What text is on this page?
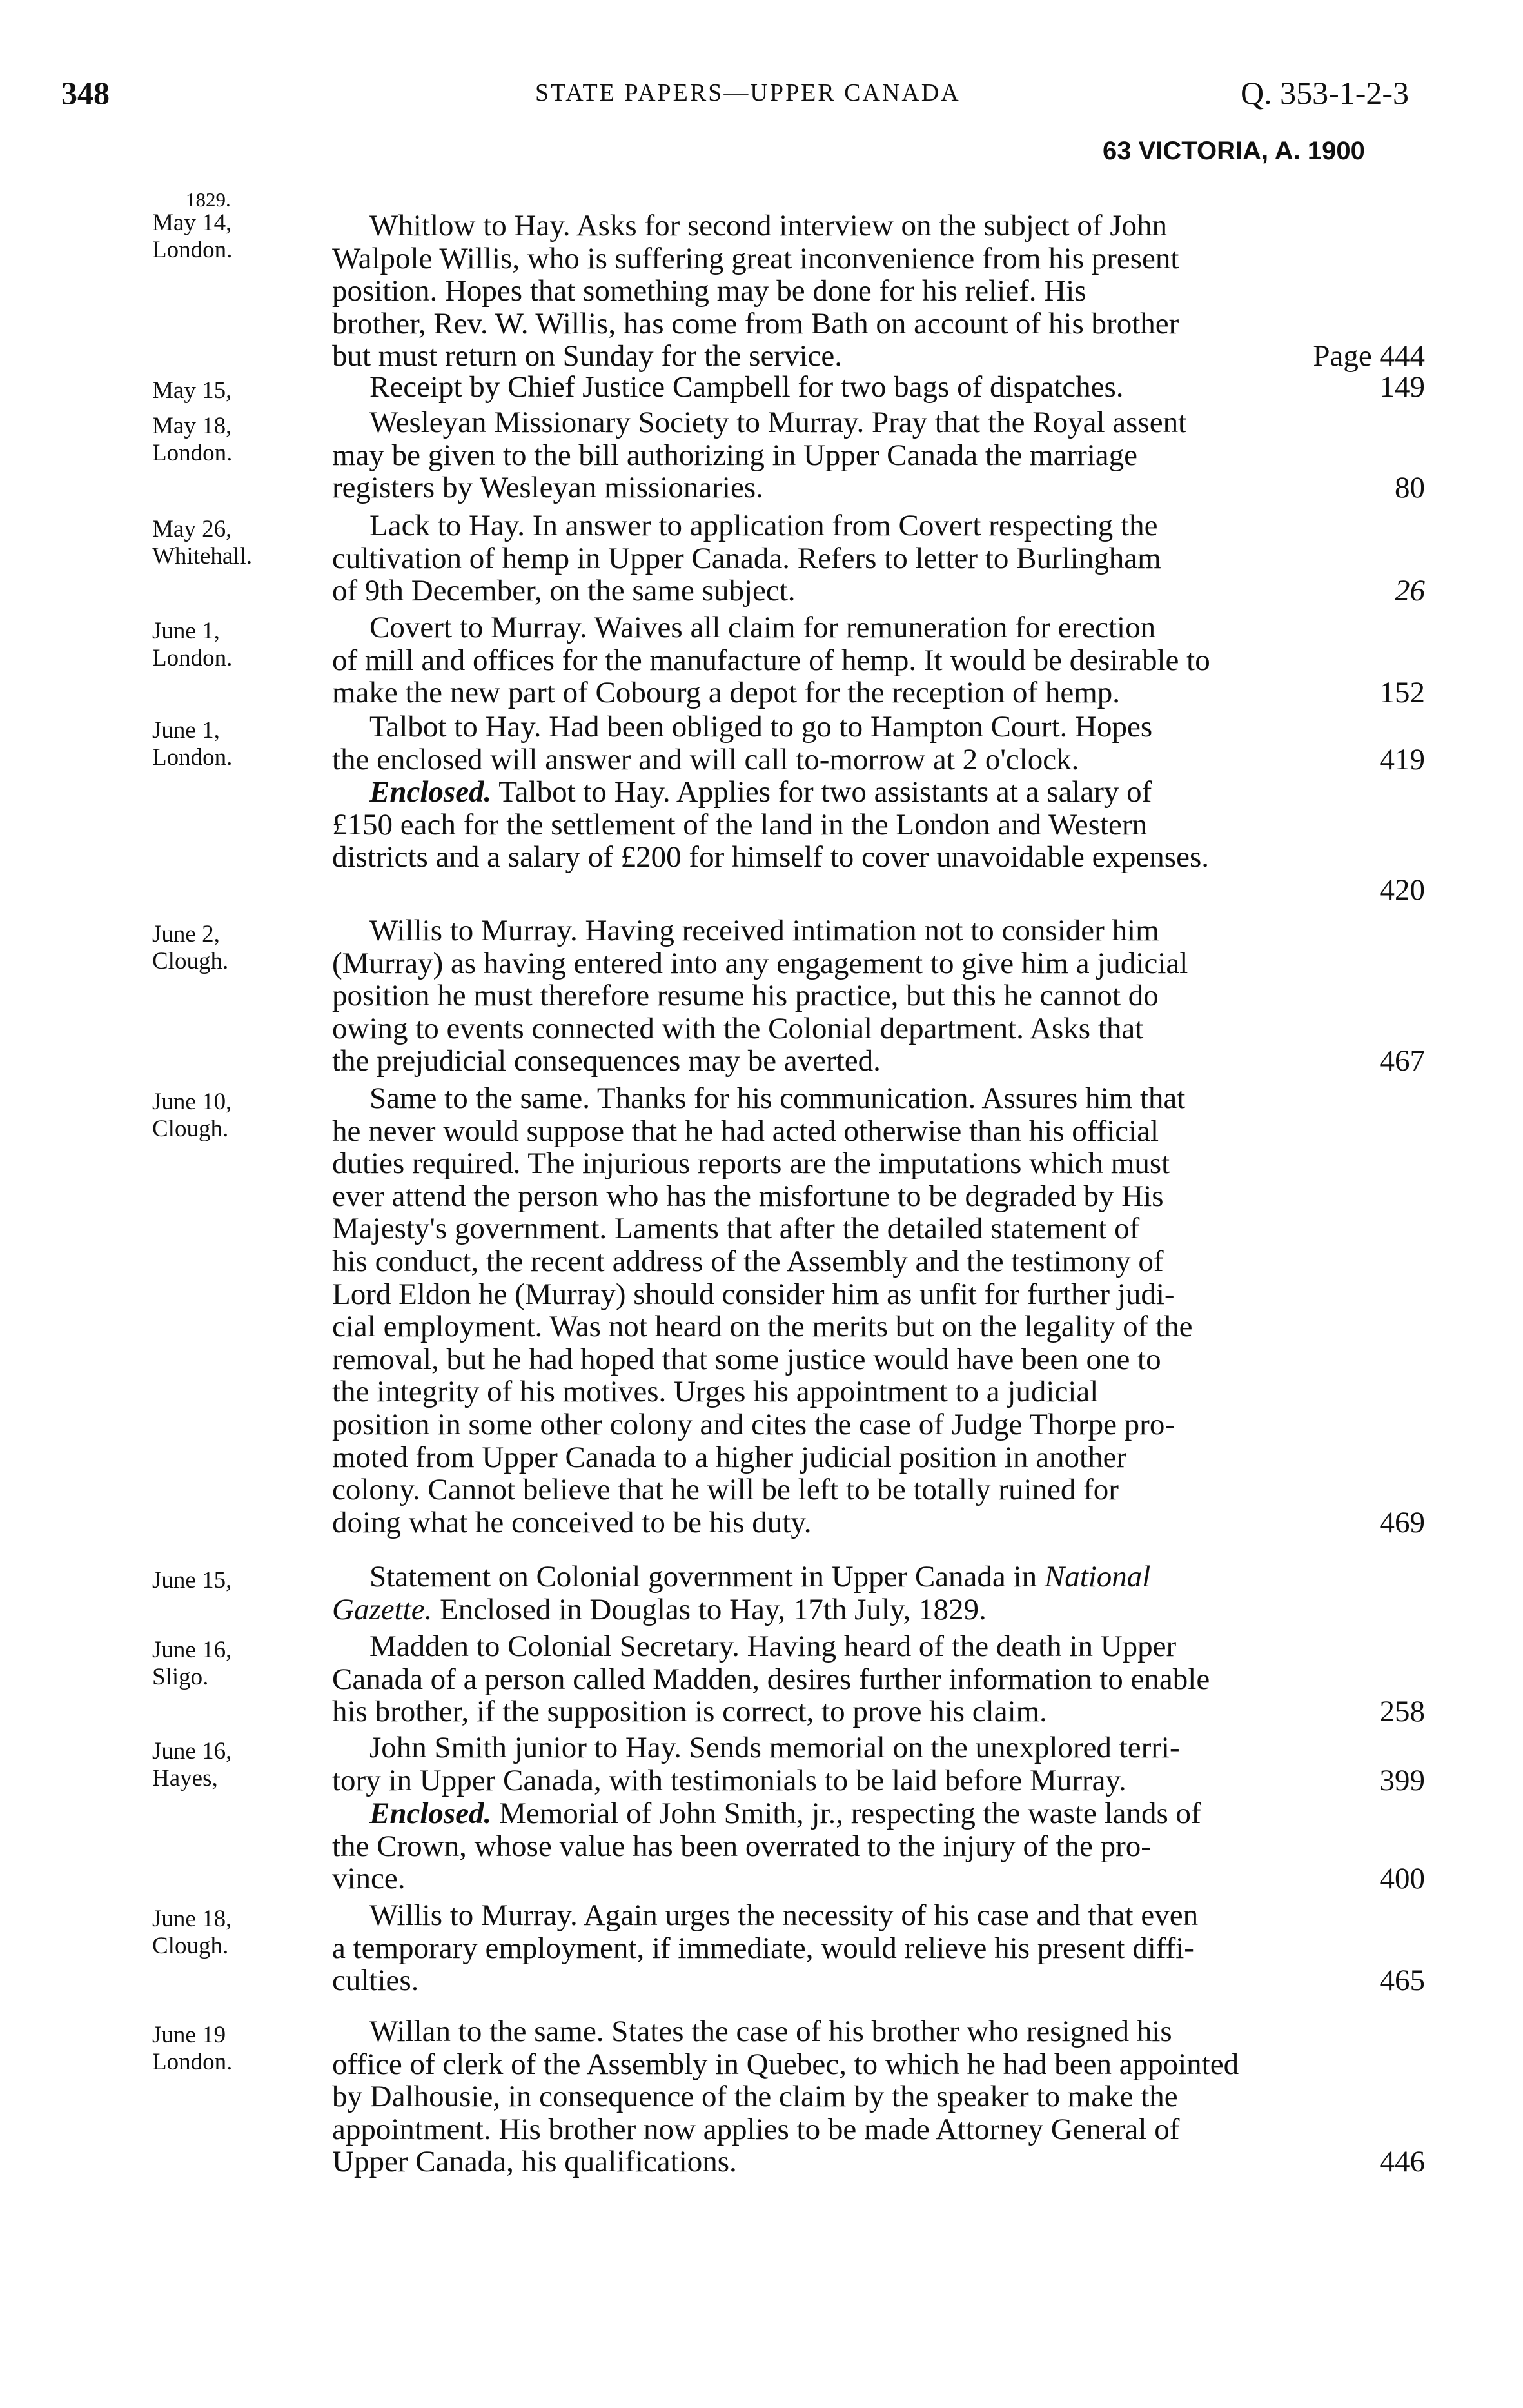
348	STATE PAPERS—UPPER CANADA	Q. 353-1-2-3
63 VICTORIA, A. 1900
1829.
May 14,
London.
Whitlow to Hay. Asks for second interview on the subject of John
Walpole Willis, who is suffering great inconvenience from his present
position. Hopes that something may be done for his relief. His
brother, Rev. W. Willis, has come from Bath on account of his brother
but must return on Sunday for the service.	Page 444
May 15,	Receipt by Chief Justice Campbell for two bags of dispatches.	149
May 18,
London.
Wesleyan Missionary Society to Murray. Pray that the Royal assent
may be given to the bill authorizing in Upper Canada the marriage
registers by Wesleyan missionaries.	80
May 26,
Whitehall.
Lack to Hay. In answer to application from Covert respecting the
cultivation of hemp in Upper Canada. Refers to letter to Burlingham
of 9th December, on the same subject.	26
June 1,
London.
Covert to Murray. Waives all claim for remuneration for erection
of mill and offices for the manufacture of hemp. It would be desirable to
make the new part of Cobourg a depot for the reception of hemp.	152
June 1,
London.
Talbot to Hay. Had been obliged to go to Hampton Court. Hopes
the enclosed will answer and will call to-morrow at 2 o'clock.	419
Enclosed. Talbot to Hay. Applies for two assistants at a salary of
£150 each for the settlement of the land in the London and Western
districts and a salary of £200 for himself to cover unavoidable expenses.
420
June 2,
Clough.
Willis to Murray. Having received intimation not to consider him
(Murray) as having entered into any engagement to give him a judicial
position he must therefore resume his practice, but this he cannot do
owing to events connected with the Colonial department. Asks that
the prejudicial consequences may be averted.	467
June 10,
Clough.
Same to the same. Thanks for his communication. Assures him that
he never would suppose that he had acted otherwise than his official
duties required. The injurious reports are the imputations which must
ever attend the person who has the misfortune to be degraded by His
Majesty's government. Laments that after the detailed statement of
his conduct, the recent address of the Assembly and the testimony of
Lord Eldon he (Murray) should consider him as unfit for further judi-
cial employment. Was not heard on the merits but on the legality of the
removal, but he had hoped that some justice would have been one to
the integrity of his motives. Urges his appointment to a judicial
position in some other colony and cites the case of Judge Thorpe pro-
moted from Upper Canada to a higher judicial position in another
colony. Cannot believe that he will be left to be totally ruined for
doing what he conceived to be his duty.	469
June 15,	Statement on Colonial government in Upper Canada in National
Gazette. Enclosed in Douglas to Hay, 17th July, 1829.
June 16,
Sligo.
Madden to Colonial Secretary. Having heard of the death in Upper
Canada of a person called Madden, desires further information to enable
his brother, if the supposition is correct, to prove his claim.	258
June 16,
Hayes,
John Smith junior to Hay. Sends memorial on the unexplored terri-
tory in Upper Canada, with testimonials to be laid before Murray.	399
Enclosed. Memorial of John Smith, jr., respecting the waste lands of
the Crown, whose value has been overrated to the injury of the pro-
vince.	400
June 18,
Clough.
Willis to Murray. Again urges the necessity of his case and that even
a temporary employment, if immediate, would relieve his present diffi-
culties.	465
June 19
London.
Willan to the same. States the case of his brother who resigned his
office of clerk of the Assembly in Quebec, to which he had been appointed
by Dalhousie, in consequence of the claim by the speaker to make the
appointment. His brother now applies to be made Attorney General of
Upper Canada, his qualifications.	446
